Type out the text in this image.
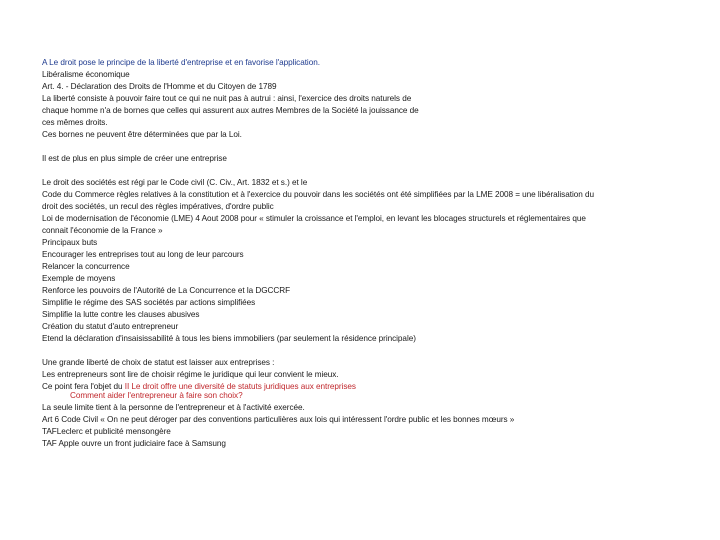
A Le droit pose le principe de la liberté d'entreprise et en favorise l'application.
Libéralisme économique
Art. 4. - Déclaration des Droits de l'Homme et du Citoyen de 1789
La liberté consiste à pouvoir faire tout ce qui ne nuit pas à autrui : ainsi, l'exercice des droits naturels de
chaque homme n'a de bornes que celles qui assurent aux autres Membres de la Société la jouissance de
ces mêmes droits.
Ces bornes ne peuvent être déterminées que par la Loi.
Il est de plus en plus simple de créer une entreprise
Le droit des sociétés est régi par le Code civil (C. Civ., Art. 1832 et s.) et le
Code du Commerce règles relatives à la constitution et à l'exercice du pouvoir dans les sociétés ont été simplifiées par la LME 2008 = une libéralisation du
droit des sociétés, un recul des règles impératives, d'ordre public
Loi de modernisation de l'économie (LME) 4 Aout 2008 pour « stimuler la croissance et l'emploi, en levant les blocages structurels et réglementaires que
connait l'économie de la France »
Principaux buts
Encourager les entreprises tout au long de leur parcours
Relancer la concurrence
Exemple de moyens
Renforce les pouvoirs de l'Autorité de La Concurrence et la DGCCRF
Simplifie le régime des SAS sociétés par actions simplifiées
Simplifie la lutte contre les clauses abusives
Création du statut d'auto entrepreneur
Etend la déclaration d'insaisissabilité à tous les biens immobiliers (par seulement la résidence principale)
Une grande liberté de choix de statut est laisser aux entreprises :
Les entrepreneurs sont lire de choisir régime le juridique qui leur convient le mieux.
Ce point fera l'objet du II Le droit offre une diversité de statuts juridiques aux entreprises
Comment aider l'entrepreneur à faire son choix?
La seule limite tient à la personne de l'entrepreneur et à l'activité exercée.
Art 6 Code Civil « On ne peut déroger par des conventions particulières aux lois qui intéressent l'ordre public et les bonnes mœurs »
TAFLeclerc et publicité mensongère
TAF Apple ouvre un front judiciaire face à Samsung
